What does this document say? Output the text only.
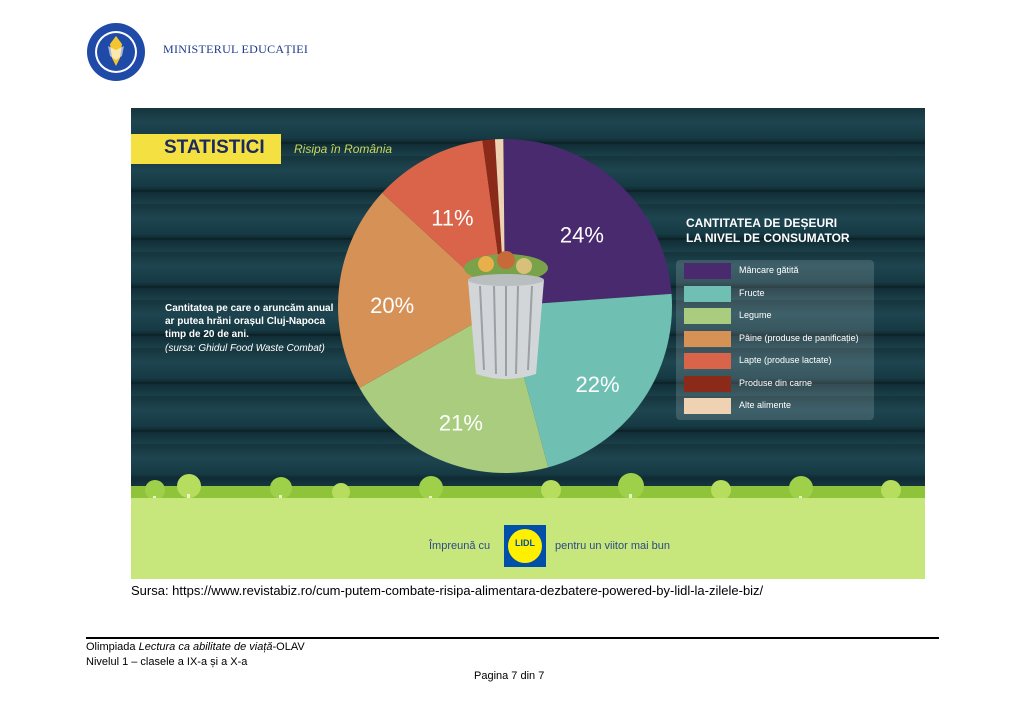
MINISTERUL EDUCAȚIEI
STATISTICI Risipa în România
Cantitatea pe care o aruncăm anual ar putea hrăni orașul Cluj-Napoca timp de 20 de ani.
(sursa: Ghidul Food Waste Combat)
24%
22%
21%
20%
11%	CANTITATEA DE DEȘEURI
LA NIVEL DE CONSUMATOR
Mâncare gătită
Fructe
Legume
Pâine (produse de panificație)
Lapte (produse lactate)
Produse din carne
Alte alimente
Împreună cu	LIDL	pentru un viitor mai bun
Sursa: https://www.revistabiz.ro/cum-putem-combate-risipa-alimentara-dezbatere-powered-by-lidl-la-zilele-biz/
Olimpiada Lectura ca abilitate de viață-OLAV
Nivelul 1 – clasele a IX-a și a X-a
Pagina 7 din 7
